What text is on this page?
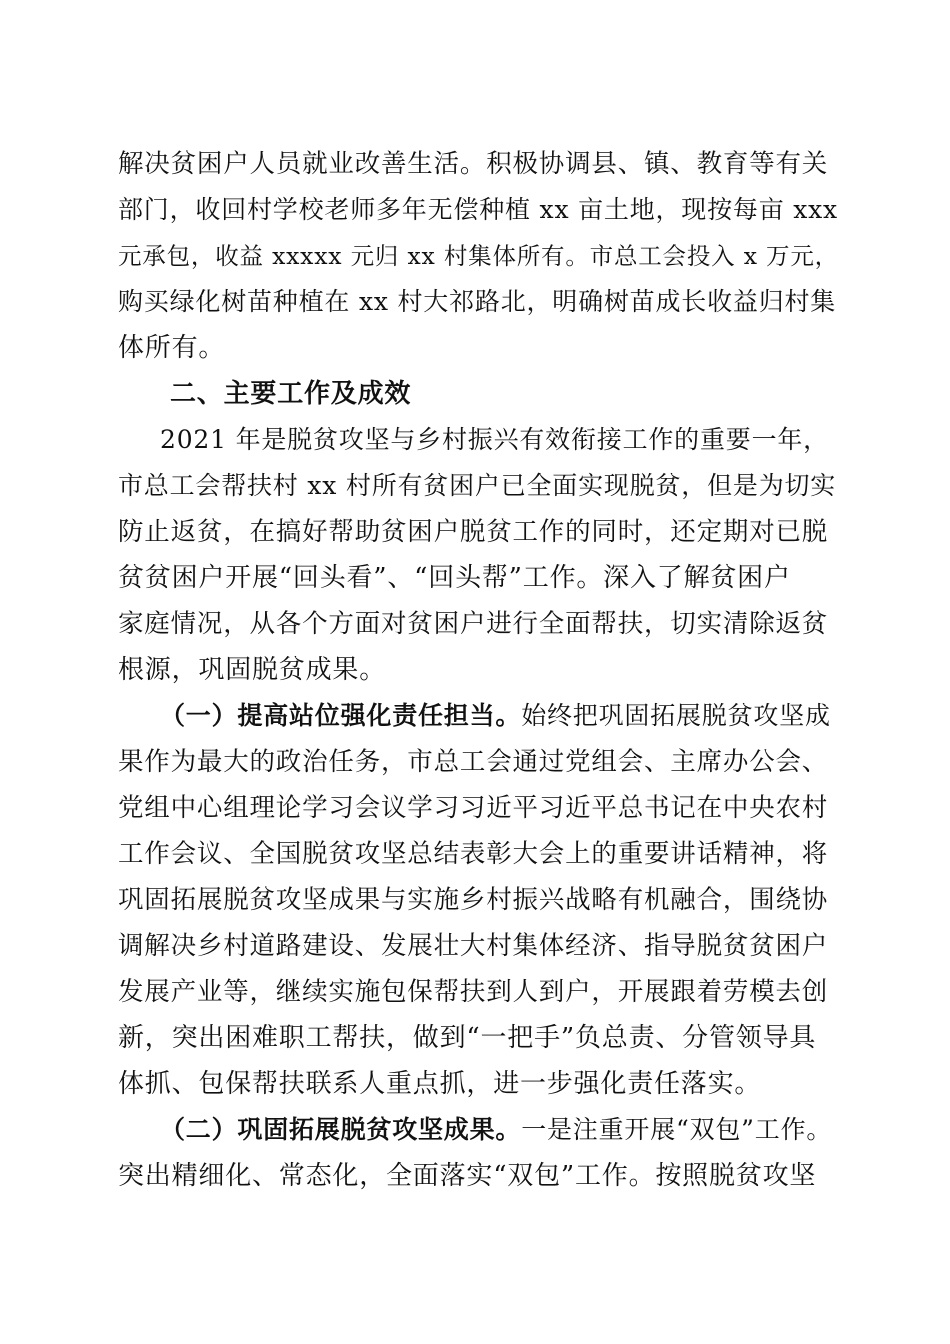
解决贫困户人员就业改善生活。积极协调县、镇、教育等有关
部门，收回村学校老师多年无偿种植 xx 亩土地，现按每亩 xxx
元承包，收益 xxxxx 元归 xx 村集体所有。市总工会投入 x 万元，
购买绿化树苗种植在 xx 村大祁路北，明确树苗成长收益归村集
体所有。
二、主要工作及成效
2021 年是脱贫攻坚与乡村振兴有效衔接工作的重要一年，
市总工会帮扶村 xx 村所有贫困户已全面实现脱贫，但是为切实
防止返贫，在搞好帮助贫困户脱贫工作的同时，还定期对已脱
贫贫困户开展“回头看”、“回头帮”工作。深入了解贫困户
家庭情况，从各个方面对贫困户进行全面帮扶，切实清除返贫
根源，巩固脱贫成果。
（一）提高站位强化责任担当。始终把巩固拓展脱贫攻坚成
果作为最大的政治任务，市总工会通过党组会、主席办公会、
党组中心组理论学习会议学习习近平习近平总书记在中央农村
工作会议、全国脱贫攻坚总结表彰大会上的重要讲话精神，将
巩固拓展脱贫攻坚成果与实施乡村振兴战略有机融合，围绕协
调解决乡村道路建设、发展壮大村集体经济、指导脱贫贫困户
发展产业等，继续实施包保帮扶到人到户，开展跟着劳模去创
新，突出困难职工帮扶，做到“一把手”负总责、分管领导具
体抓、包保帮扶联系人重点抓，进一步强化责任落实。
（二）巩固拓展脱贫攻坚成果。一是注重开展“双包”工作。
突出精细化、常态化，全面落实“双包”工作。按照脱贫攻坚
